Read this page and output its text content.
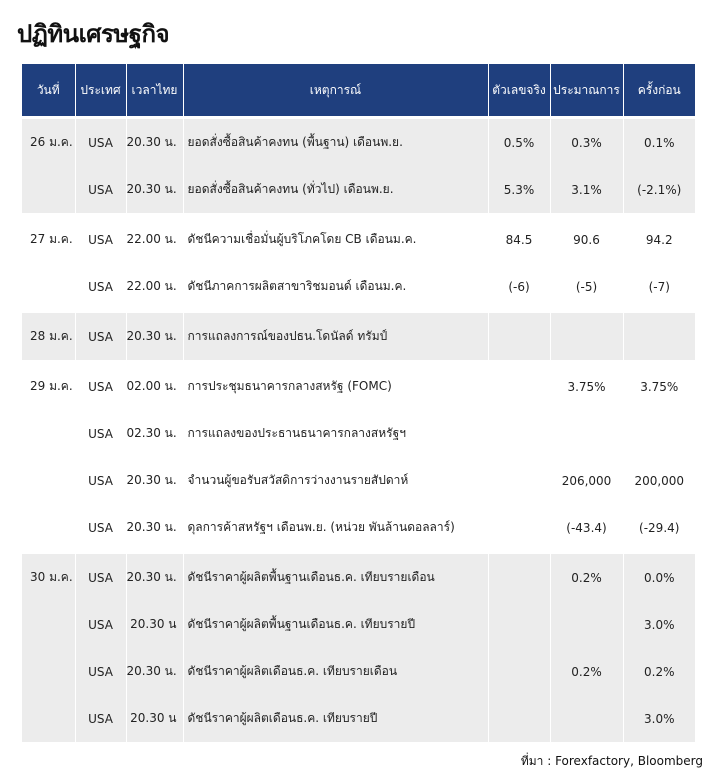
ปฏิทินเศรษฐกิจ
วันที่	ประเทศ	เวลาไทย	เหตุการณ์	ตัวเลขจริง	ประมาณการ	ครั้งก่อน
26 ม.ค.	USA	20.30 น.	ยอดสั่งซื้อสินค้าคงทน (พื้นฐาน) เดือนพ.ย.	0.5%	0.3%	0.1%
	USA	20.30 น.	ยอดสั่งซื้อสินค้าคงทน (ทั่วไป) เดือนพ.ย.	5.3%	3.1%	(-2.1%)
27 ม.ค.	USA	22.00 น.	ดัชนีความเชื่อมั่นผู้บริโภคโดย CB เดือนม.ค.	84.5	90.6	94.2
	USA	22.00 น.	ดัชนีภาคการผลิตสาขาริชมอนด์ เดือนม.ค.	(-6)	(-5)	(-7)
28 ม.ค.	USA	20.30 น.	การแถลงการณ์ของปธน.โดนัลด์ ทรัมป์			
29 ม.ค.	USA	02.00 น.	การประชุมธนาคารกลางสหรัฐ (FOMC)		3.75%	3.75%
	USA	02.30 น.	การแถลงของประธานธนาคารกลางสหรัฐฯ			
	USA	20.30 น.	จำนวนผู้ขอรับสวัสดิการว่างงานรายสัปดาห์		206,000	200,000
	USA	20.30 น.	ดุลการค้าสหรัฐฯ เดือนพ.ย. (หน่วย พันล้านดอลลาร์)		(-43.4)	(-29.4)
30 ม.ค.	USA	20.30 น.	ดัชนีราคาผู้ผลิตพื้นฐานเดือนธ.ค. เทียบรายเดือน		0.2%	0.0%
	USA	20.30 น	ดัชนีราคาผู้ผลิตพื้นฐานเดือนธ.ค. เทียบรายปี			3.0%
	USA	20.30 น.	ดัชนีราคาผู้ผลิตเดือนธ.ค. เทียบรายเดือน		0.2%	0.2%
	USA	20.30 น	ดัชนีราคาผู้ผลิตเดือนธ.ค. เทียบรายปี			3.0%
ที่มา : Forexfactory, Bloomberg
